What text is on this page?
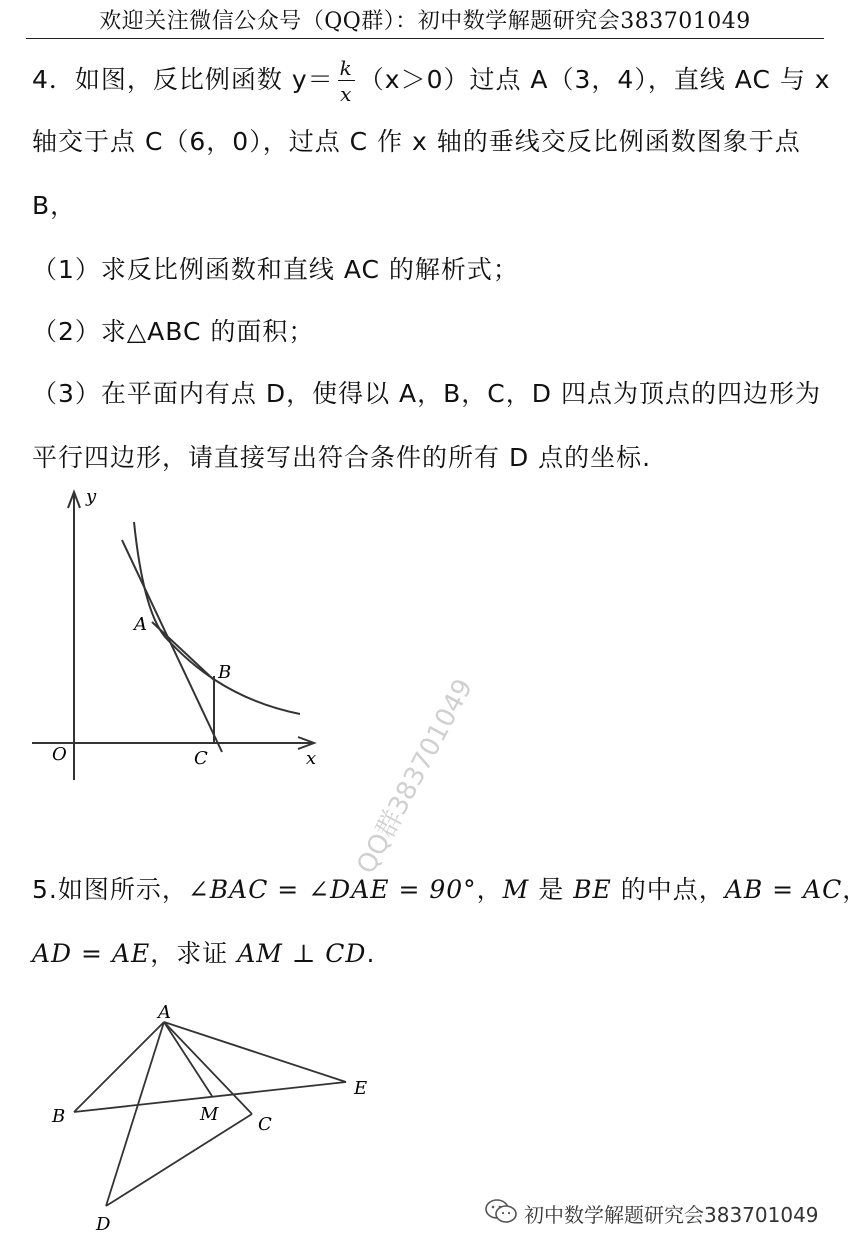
欢迎关注微信公众号（QQ群）：初中数学解题研究会383701049
4．如图，反比例函数 $y= \frac{k}{x} (x>0)$过点 A（3，4），直线 AC 与 x
轴交于点 C（6，0），过点 C 作 x 轴的垂线交反比例函数图象于点
B，
（1）求反比例函数和直线 AC 的解析式；
（2）求△ABC 的面积；
（3）在平面内有点 D，使得以 A，B，C，D 四点为顶点的四边形为
平行四边形，请直接写出符合条件的所有 D 点的坐标.
y
x
O
A
B
C	QQ群383701049
5.如图所示，∠BAC = ∠DAE = 90°，M 是 BE 的中点，AB = AC，
AD = AE，求证 AM ⊥ CD.
A
B	C
D
E
M
初中数学解题研究会383701049
